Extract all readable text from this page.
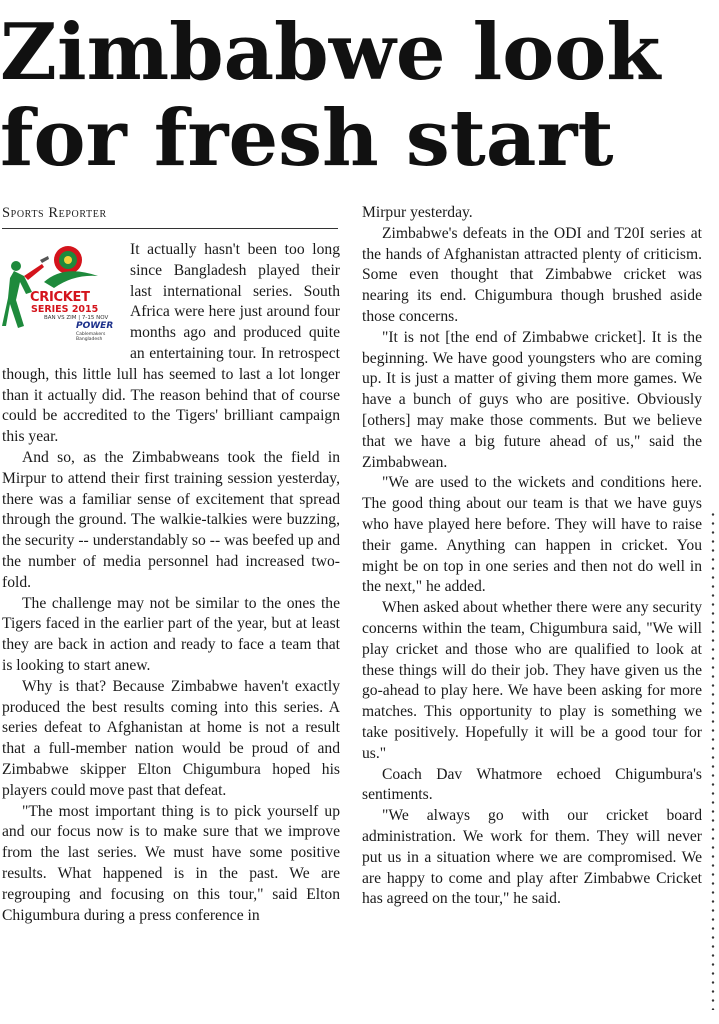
Zimbabwe look
for fresh start
Sports Reporter
CRICKET
SERIES 2015
BAN VS ZIM | 7-15 NOV
POWER
Cablemakers Bangladesh

It actually hasn't been too long since Bangladesh played their last international series. South Africa were here just around four months ago and produced quite an entertaining tour. In retrospect though, this little lull has seemed to last a lot longer than it actually did. The reason behind that of course could be accredited to the Tigers' brilliant campaign this year.

And so, as the Zimbabweans took the field in Mirpur to attend their first training session yesterday, there was a familiar sense of excitement that spread through the ground. The walkie-talkies were buzzing, the security -- understandably so -- was beefed up and the number of media personnel had increased two-fold.

The challenge may not be similar to the ones the Tigers faced in the earlier part of the year, but at least they are back in action and ready to face a team that is looking to start anew.

Why is that? Because Zimbabwe haven't exactly produced the best results coming into this series. A series defeat to Afghanistan at home is not a result that a full-member nation would be proud of and Zimbabwe skipper Elton Chigumbura hoped his players could move past that defeat.

"The most important thing is to pick yourself up and our focus now is to make sure that we improve from the last series. We must have some positive results. What happened is in the past. We are regrouping and focusing on this tour," said Elton Chigumbura during a press conference in

Mirpur yesterday.

Zimbabwe's defeats in the ODI and T20I series at the hands of Afghanistan attracted plenty of criticism. Some even thought that Zimbabwe cricket was nearing its end. Chigumbura though brushed aside those concerns.

"It is not [the end of Zimbabwe cricket]. It is the beginning. We have good youngsters who are coming up. It is just a matter of giving them more games. We have a bunch of guys who are positive. Obviously [others] may make those comments. But we believe that we have a big future ahead of us," said the Zimbabwean.

"We are used to the wickets and conditions here. The good thing about our team is that we have guys who have played here before. They will have to raise their game. Anything can happen in cricket. You might be on top in one series and then not do well in the next," he added.

When asked about whether there were any security concerns within the team, Chigumbura said, "We will play cricket and those who are qualified to look at these things will do their job. They have given us the go-ahead to play here. We have been asking for more matches. This opportunity to play is something we take positively. Hopefully it will be a good tour for us."

Coach Dav Whatmore echoed Chigumbura's sentiments.

"We always go with our cricket board administration. We work for them. They will never put us in a situation where we are compromised. We are happy to come and play after Zimbabwe Cricket has agreed on the tour," he said.
